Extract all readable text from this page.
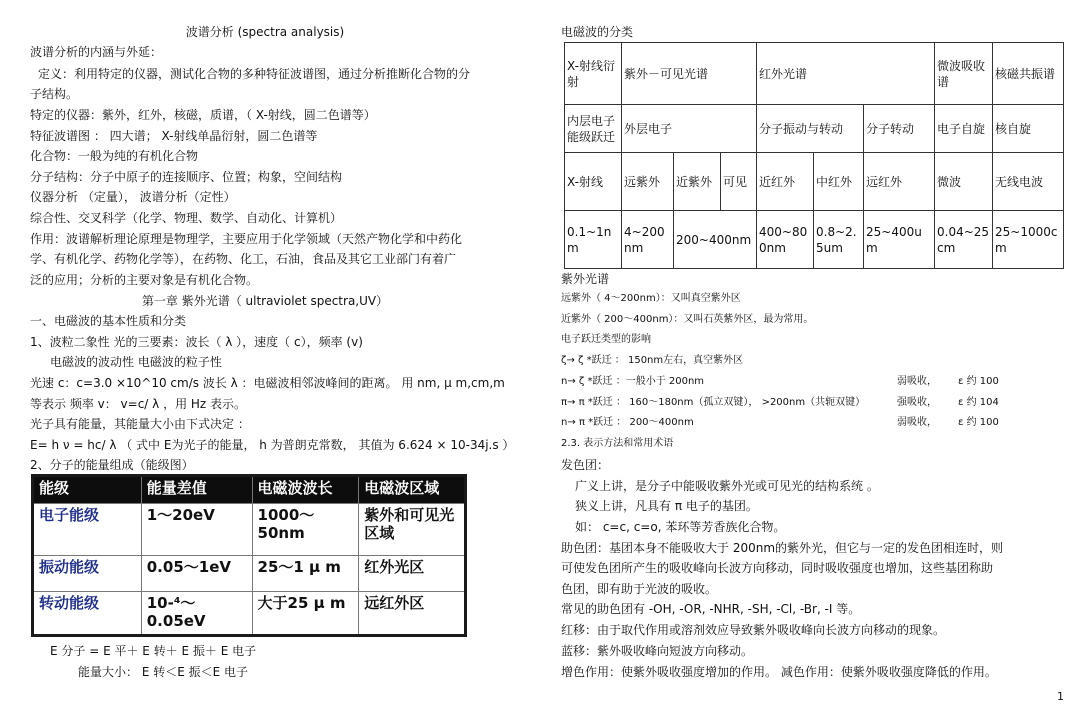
波谱分析 (spectra analysis)
波谱分析的内涵与外延：
定义：利用特定的仪器，测试化合物的多种特征波谱图，通过分析推断化合物的分
子结构。
特定的仪器：紫外，红外，核磁，质谱，（ X-射线，圆二色谱等）
特征波谱图 ： 四大谱； X-射线单晶衍射，圆二色谱等
化合物：一般为纯的有机化合物
分子结构：分子中原子的连接顺序、位置；构象，空间结构
仪器分析 （定量）， 波谱分析（定性）
综合性、交叉科学（化学、物理、数学、自动化、计算机）
作用：波谱解析理论原理是物理学，主要应用于化学领域（天然产物化学和中药化
学、有机化学、药物化学等），在药物、化工，石油，食品及其它工业部门有着广
泛的应用；分析的主要对象是有机化合物。
第一章 紫外光谱（ ultraviolet spectra,UV）
一、电磁波的基本性质和分类
1、波粒二象性 光的三要素：波长（ λ ），速度（ c），频率 (v)
电磁波的波动性 电磁波的粒子性
光速 c：c=3.0 ×10^10 cm/s 波长 λ ：电磁波相邻波峰间的距离。 用 nm, μ m,cm,m
等表示 频率 v： v=c/ λ ，用 Hz 表示。
光子具有能量，其能量大小由下式决定 ：
E= h ν = hc/ λ （ 式中 E为光子的能量， h 为普朗克常数， 其值为 6.624 × 10-34j.s ）
2、分子的能量组成（能级图）
能级	能量差值	电磁波波长	电磁波区域
电子能级	1～20eV	1000～50nm	紫外和可见光区域
振动能级	0.05～1eV	25～1 μ m	红外光区
转动能级	10-⁴～0.05eV	大于25 μ m	远红外区
E 分子 = E 平＋ E 转＋ E 振＋ E 电子
能量大小： E 转＜E 振＜E 电子
电磁波的分类
X-射线衍射	紫外－可见光谱			红外光谱			微波吸收谱	核磁共振谱
内层电子能级跃迁	外层电子			分子振动与转动		分子转动	电子自旋	核自旋
X-射线	远紫外	近紫外	可见	近红外	中红外	远红外	微波	无线电波
0.1~1nm	4~200nm	200~400nm		400~800nm	0.8~2.5um	25~400um	0.04~25cm	25~1000cm
紫外光谱
远紫外（ 4～200nm）：又叫真空紫外区
近紫外（ 200～400nm）：又叫石英紫外区，最为常用。
电子跃迁类型的影响
ζ→ ζ *跃迁 ： 150nm左右，真空紫外区
n→ ζ *跃迁 ：一般小于 200nm	弱吸收， ε 约 100
π→ π *跃迁 ： 160～180nm（孤立双键）， >200nm（共轭双键）	强吸收， ε 约 104
n→ π *跃迁 ： 200～400nm	弱吸收， ε 约 100
2.3. 表示方法和常用术语
发色团：
广义上讲，是分子中能吸收紫外光或可见光的结构系统 。
狭义上讲，凡具有 π 电子的基团。
如： c=c, c=o, 苯环等芳香族化合物。
助色团：基团本身不能吸收大于 200nm的紫外光，但它与一定的发色团相连时，则
可使发色团所产生的吸收峰向长波方向移动，同时吸收强度也增加，这些基团称助
色团，即有助于光波的吸收。
常见的助色团有 -OH, -OR, -NHR, -SH, -Cl, -Br, -I 等。
红移：由于取代作用或溶剂效应导致紫外吸收峰向长波方向移动的现象。
蓝移：紫外吸收峰向短波方向移动。
增色作用：使紫外吸收强度增加的作用。 减色作用：使紫外吸收强度降低的作用。
1
